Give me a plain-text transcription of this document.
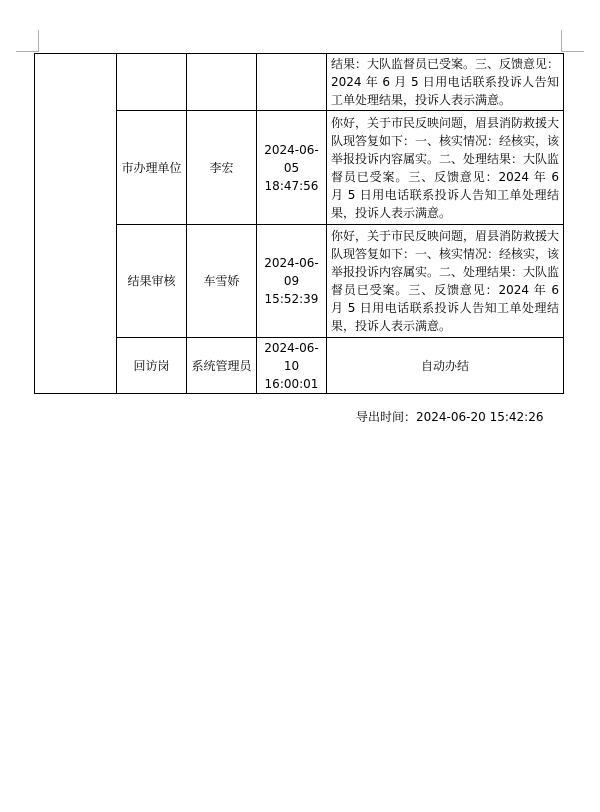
				结果：大队监督员已受案。三、反馈意见：2024 年 6 月 5 日用电话联系投诉人告知工单处理结果，投诉人表示满意。
	市办理单位	李宏	2024-06-05 18:47:56	你好，关于市民反映问题，眉县消防救援大队现答复如下：一、核实情况：经核实，该举报投诉内容属实。二、处理结果：大队监督员已受案。三、反馈意见：2024 年 6 月 5 日用电话联系投诉人告知工单处理结果，投诉人表示满意。
	结果审核	车雪娇	2024-06-09 15:52:39	你好，关于市民反映问题，眉县消防救援大队现答复如下：一、核实情况：经核实，该举报投诉内容属实。二、处理结果：大队监督员已受案。三、反馈意见：2024 年 6 月 5 日用电话联系投诉人告知工单处理结果，投诉人表示满意。
	回访岗	系统管理员	2024-06-10 16:00:01	自动办结
导出时间：2024-06-20 15:42:26
